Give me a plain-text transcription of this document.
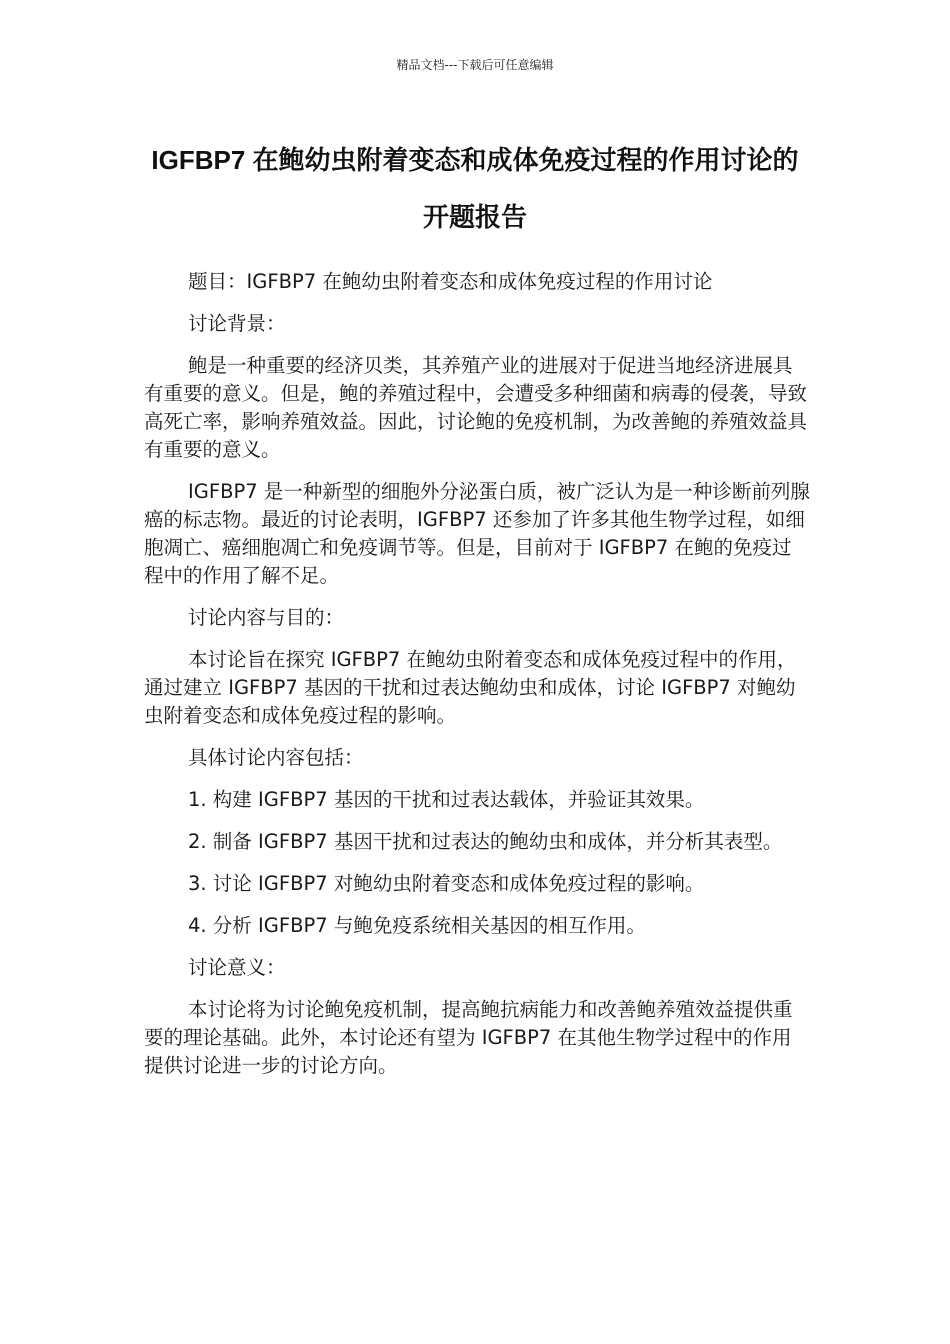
精品文档---下载后可任意编辑
IGFBP7 在鲍幼虫附着变态和成体免疫过程的作用讨论的开题报告

题目：IGFBP7 在鲍幼虫附着变态和成体免疫过程的作用讨论

讨论背景：

鲍是一种重要的经济贝类，其养殖产业的进展对于促进当地经济进展具有重要的意义。但是，鲍的养殖过程中，会遭受多种细菌和病毒的侵袭，导致高死亡率，影响养殖效益。因此，讨论鲍的免疫机制，为改善鲍的养殖效益具有重要的意义。

IGFBP7 是一种新型的细胞外分泌蛋白质，被广泛认为是一种诊断前列腺癌的标志物。最近的讨论表明，IGFBP7 还参加了许多其他生物学过程，如细胞凋亡、癌细胞凋亡和免疫调节等。但是，目前对于 IGFBP7 在鲍的免疫过程中的作用了解不足。

讨论内容与目的：

本讨论旨在探究 IGFBP7 在鲍幼虫附着变态和成体免疫过程中的作用，通过建立 IGFBP7 基因的干扰和过表达鲍幼虫和成体，讨论 IGFBP7 对鲍幼虫附着变态和成体免疫过程的影响。

具体讨论内容包括：

1. 构建 IGFBP7 基因的干扰和过表达载体，并验证其效果。

2. 制备 IGFBP7 基因干扰和过表达的鲍幼虫和成体，并分析其表型。

3. 讨论 IGFBP7 对鲍幼虫附着变态和成体免疫过程的影响。

4. 分析 IGFBP7 与鲍免疫系统相关基因的相互作用。

讨论意义：

本讨论将为讨论鲍免疫机制，提高鲍抗病能力和改善鲍养殖效益提供重要的理论基础。此外，本讨论还有望为 IGFBP7 在其他生物学过程中的作用提供讨论进一步的讨论方向。
